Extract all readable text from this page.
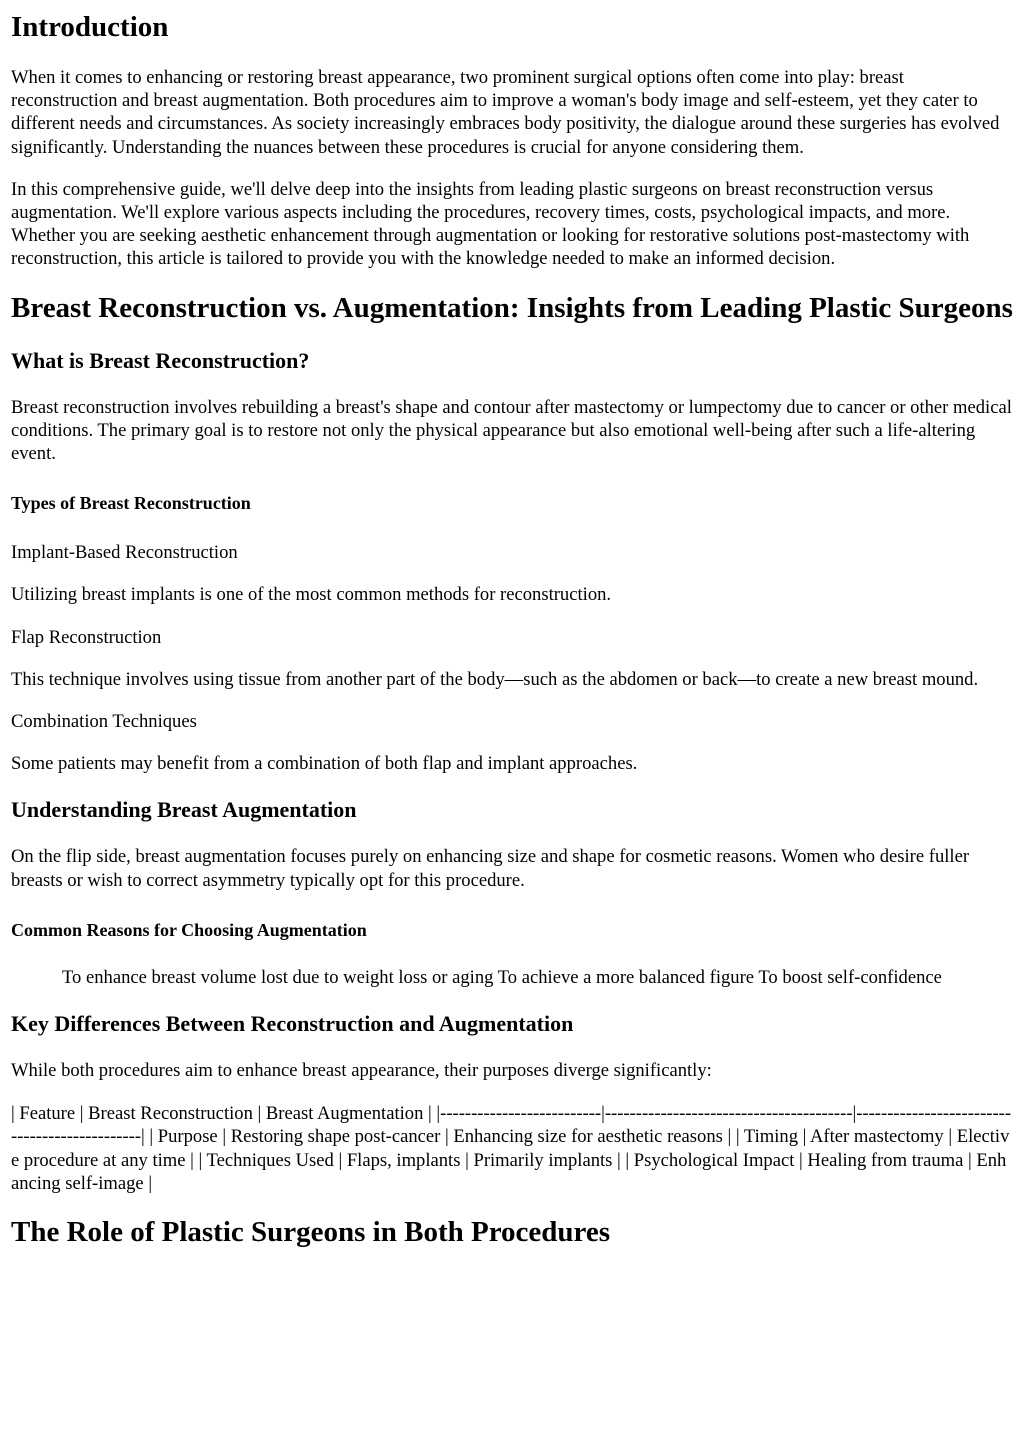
Introduction

When it comes to enhancing or restoring breast appearance, two prominent surgical options often come into play: breast reconstruction and breast augmentation. Both procedures aim to improve a woman's body image and self-esteem, yet they cater to different needs and circumstances. As society increasingly embraces body positivity, the dialogue around these surgeries has evolved significantly. Understanding the nuances between these procedures is crucial for anyone considering them.

In this comprehensive guide, we'll delve deep into the insights from leading plastic surgeons on breast reconstruction versus augmentation. We'll explore various aspects including the procedures, recovery times, costs, psychological impacts, and more. Whether you are seeking aesthetic enhancement through augmentation or looking for restorative solutions post-mastectomy with reconstruction, this article is tailored to provide you with the knowledge needed to make an informed decision.

Breast Reconstruction vs. Augmentation: Insights from Leading Plastic Surgeons
What is Breast Reconstruction?

Breast reconstruction involves rebuilding a breast's shape and contour after mastectomy or lumpectomy due to cancer or other medical conditions. The primary goal is to restore not only the physical appearance but also emotional well-being after such a life-altering event.

Types of Breast Reconstruction

Implant-Based Reconstruction

Utilizing breast implants is one of the most common methods for reconstruction.

Flap Reconstruction

This technique involves using tissue from another part of the body—such as the abdomen or back—to create a new breast mound.

Combination Techniques

Some patients may benefit from a combination of both flap and implant approaches.

Understanding Breast Augmentation

On the flip side, breast augmentation focuses purely on enhancing size and shape for cosmetic reasons. Women who desire fuller breasts or wish to correct asymmetry typically opt for this procedure.

Common Reasons for Choosing Augmentation
To enhance breast volume lost due to weight loss or aging To achieve a more balanced figure To boost self-confidence
Key Differences Between Reconstruction and Augmentation

While both procedures aim to enhance breast appearance, their purposes diverge significantly:

| Feature | Breast Reconstruction | Breast Augmentation | |--------------------------|----------------------------------------|----------------------------------------------| | Purpose | Restoring shape post-cancer | Enhancing size for aesthetic reasons | | Timing | After mastectomy | Elective procedure at any time | | Techniques Used | Flaps, implants | Primarily implants | | Psychological Impact | Healing from trauma | Enhancing self-image |

The Role of Plastic Surgeons in Both Procedures
